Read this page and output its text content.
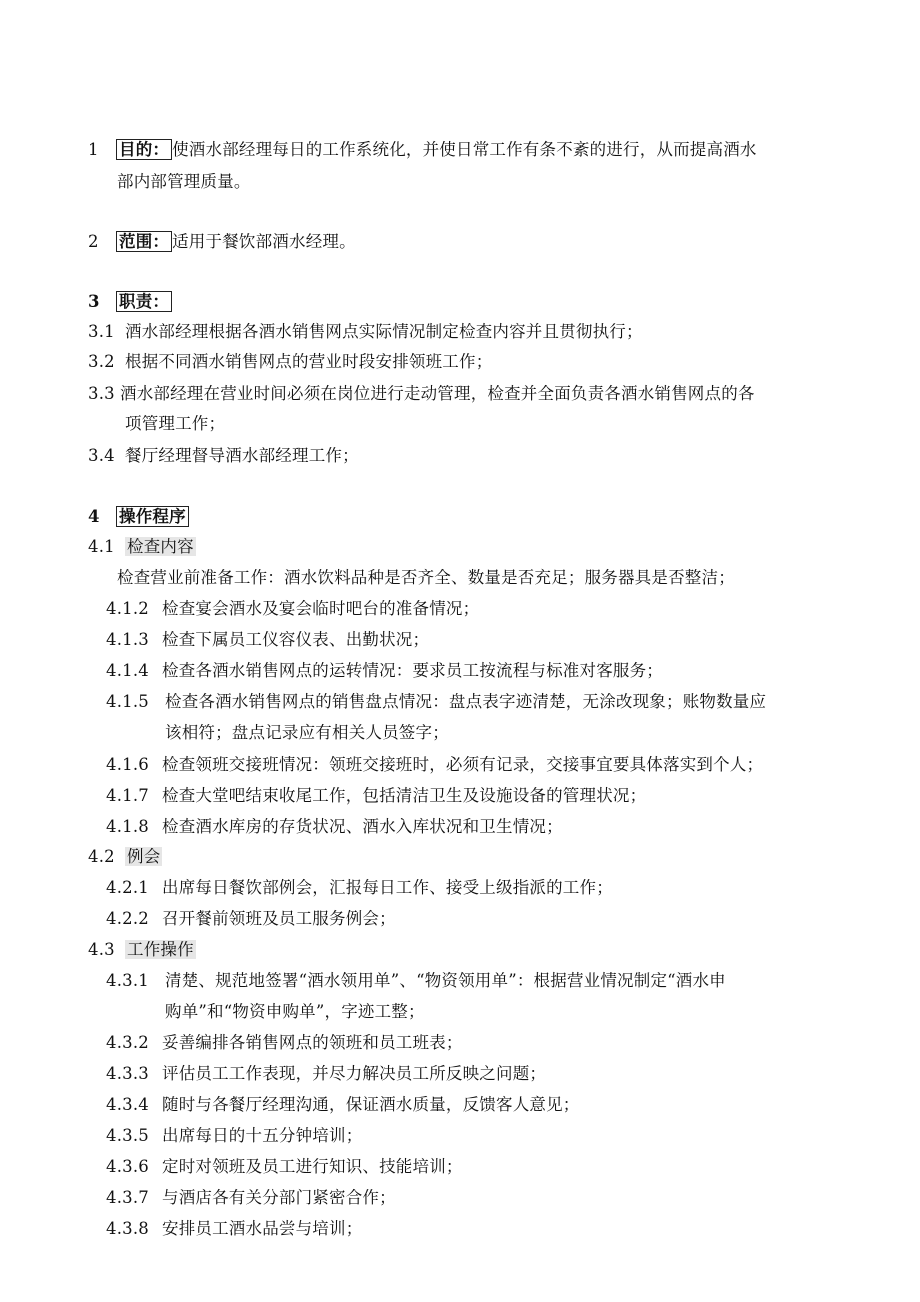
1 目的： 使酒水部经理每日的工作系统化，并使日常工作有条不紊的进行，从而提高酒水
部内部管理质量。
2 范围： 适用于餐饮部酒水经理。
3 职责：
3.1 酒水部经理根据各酒水销售网点实际情况制定检查内容并且贯彻执行；
3.2 根据不同酒水销售网点的营业时段安排领班工作；
3.3 酒水部经理在营业时间必须在岗位进行走动管理，检查并全面负责各酒水销售网点的各
项管理工作；
3.4 餐厅经理督导酒水部经理工作；
4 操作程序
4.1 检查内容
检查营业前准备工作：酒水饮料品种是否齐全、数量是否充足；服务器具是否整洁；
4.1.2 检查宴会酒水及宴会临时吧台的准备情况；
4.1.3 检查下属员工仪容仪表、出勤状况；
4.1.4 检查各酒水销售网点的运转情况：要求员工按流程与标准对客服务；
4.1.5 检查各酒水销售网点的销售盘点情况：盘点表字迹清楚，无涂改现象；账物数量应
该相符；盘点记录应有相关人员签字；
4.1.6 检查领班交接班情况：领班交接班时，必须有记录，交接事宜要具体落实到个人；
4.1.7 检查大堂吧结束收尾工作，包括清洁卫生及设施设备的管理状况；
4.1.8 检查酒水库房的存货状况、酒水入库状况和卫生情况；
4.2 例会
4.2.1 出席每日餐饮部例会，汇报每日工作、接受上级指派的工作；
4.2.2 召开餐前领班及员工服务例会；
4.3 工作操作
4.3.1 清楚、规范地签署“酒水领用单”、“物资领用单”：根据营业情况制定“酒水申
购单”和“物资申购单”，字迹工整；
4.3.2 妥善编排各销售网点的领班和员工班表；
4.3.3 评估员工工作表现，并尽力解决员工所反映之问题；
4.3.4 随时与各餐厅经理沟通，保证酒水质量，反馈客人意见；
4.3.5 出席每日的十五分钟培训；
4.3.6 定时对领班及员工进行知识、技能培训；
4.3.7 与酒店各有关分部门紧密合作；
4.3.8 安排员工酒水品尝与培训；
